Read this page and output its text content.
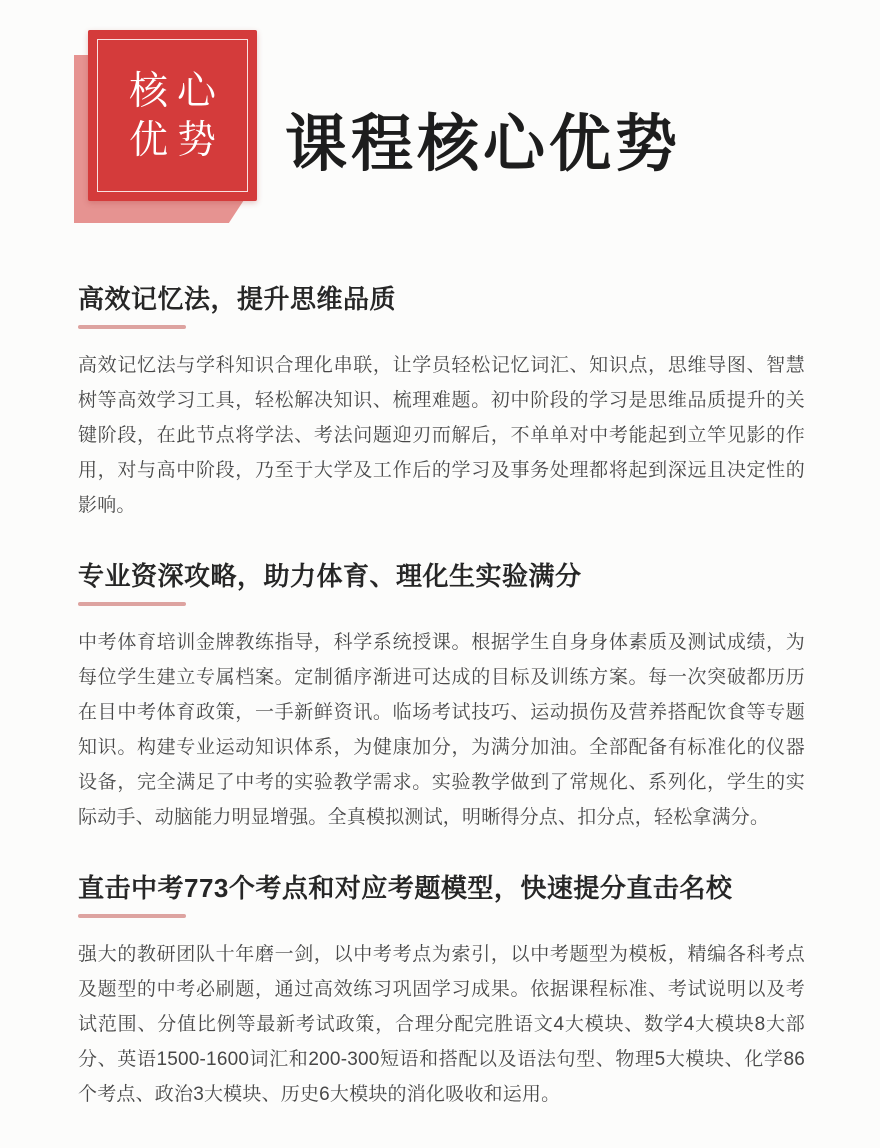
核心
优势 课程核心优势
高效记忆法，提升思维品质

高效记忆法与学科知识合理化串联，让学员轻松记忆词汇、知识点，思维导图、智慧树等高效学习工具，轻松解决知识、梳理难题。初中阶段的学习是思维品质提升的关键阶段，在此节点将学法、考法问题迎刃而解后，不单单对中考能起到立竿见影的作用，对与高中阶段，乃至于大学及工作后的学习及事务处理都将起到深远且决定性的影响。

专业资深攻略，助力体育、理化生实验满分

中考体育培训金牌教练指导，科学系统授课。根据学生自身身体素质及测试成绩，为每位学生建立专属档案。定制循序渐进可达成的目标及训练方案。每一次突破都历历在目中考体育政策，一手新鲜资讯。临场考试技巧、运动损伤及营养搭配饮食等专题知识。构建专业运动知识体系，为健康加分，为满分加油。全部配备有标准化的仪器设备，完全满足了中考的实验教学需求。实验教学做到了常规化、系列化，学生的实际动手、动脑能力明显增强。全真模拟测试，明晰得分点、扣分点，轻松拿满分。

直击中考773个考点和对应考题模型，快速提分直击名校

强大的教研团队十年磨一剑，以中考考点为索引，以中考题型为模板，精编各科考点及题型的中考必刷题，通过高效练习巩固学习成果。依据课程标准、考试说明以及考试范围、分值比例等最新考试政策，合理分配完胜语文4大模块、数学4大模块8大部分、英语1500-1600词汇和200-300短语和搭配以及语法句型、物理5大模块、化学86个考点、政治3大模块、历史6大模块的消化吸收和运用。
